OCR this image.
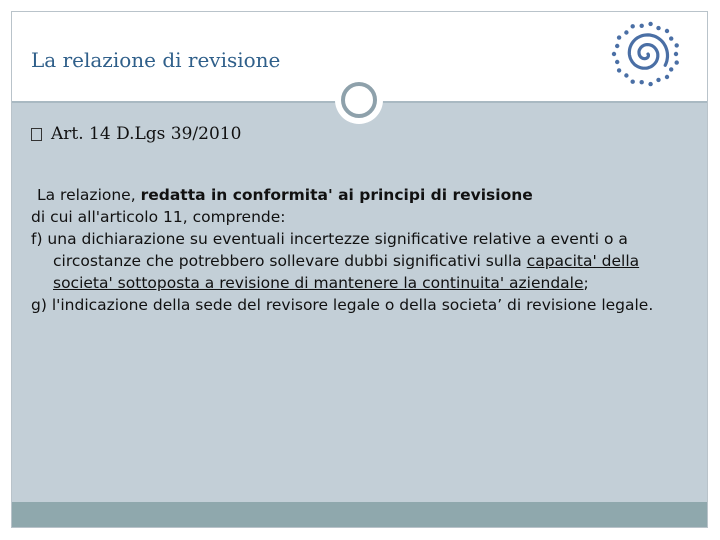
La relazione di revisione
Art. 14 D.Lgs 39/2010

La relazione, redatta in conformita' ai principi di revisione

di cui all'articolo 11, comprende:

f) una dichiarazione su eventuali incertezze significative relative a eventi o a circostanze che potrebbero sollevare dubbi significativi sulla capacita' della societa' sottoposta a revisione di mantenere la continuita' aziendale;

g) l'indicazione della sede del revisore legale o della societa’ di revisione legale.
